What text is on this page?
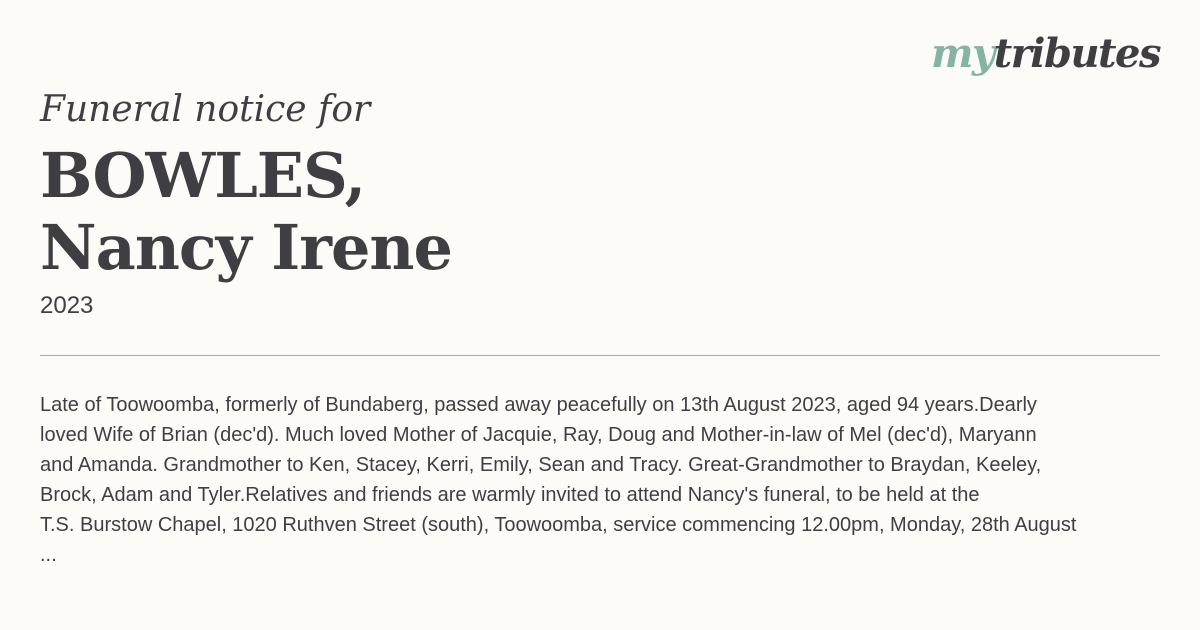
mytributes

Funeral notice for

BOWLES,
Nancy Irene
2023

Late of Toowoomba, formerly of Bundaberg, passed away peacefully on 13th August 2023, aged 94 years.Dearly
loved Wife of Brian (dec'd). Much loved Mother of Jacquie, Ray, Doug and Mother-in-law of Mel (dec'd), Maryann
and Amanda. Grandmother to Ken, Stacey, Kerri, Emily, Sean and Tracy. Great-Grandmother to Braydan, Keeley,
Brock, Adam and Tyler.Relatives and friends are warmly invited to attend Nancy's funeral, to be held at the
T.S. Burstow Chapel, 1020 Ruthven Street (south), Toowoomba, service commencing 12.00pm, Monday, 28th August
...
